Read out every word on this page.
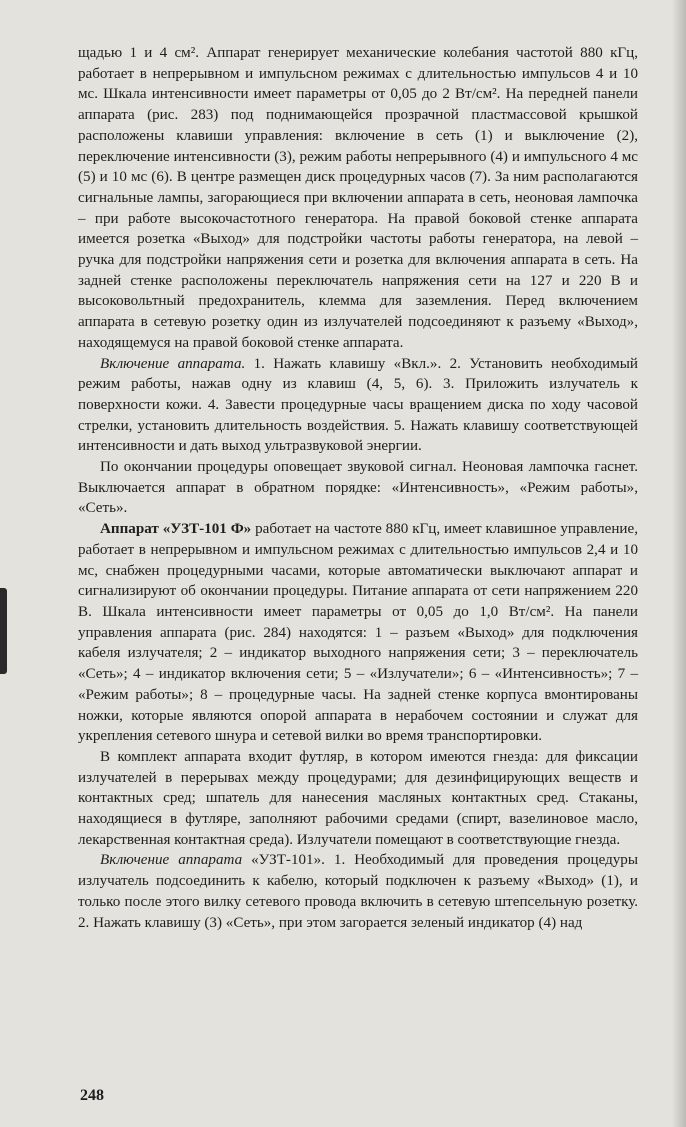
щадью 1 и 4 см². Аппарат генерирует механические колебания частотой 880 кГц, работает в непрерывном и импульсном режимах с длительностью импульсов 4 и 10 мс. Шкала интенсивности имеет параметры от 0,05 до 2 Вт/см². На передней панели аппарата (рис. 283) под поднимающейся прозрачной пластмассовой крышкой расположены клавиши управления: включение в сеть (1) и выключение (2), переключение интенсивности (3), режим работы непрерывного (4) и импульсного 4 мс (5) и 10 мс (6). В центре размещен диск процедурных часов (7). За ним располагаются сигнальные лампы, загорающиеся при включении аппарата в сеть, неоновая лампочка – при работе высокочастотного генератора. На правой боковой стенке аппарата имеется розетка «Выход» для подстройки частоты работы генератора, на левой – ручка для подстройки напряжения сети и розетка для включения аппарата в сеть. На задней стенке расположены переключатель напряжения сети на 127 и 220 В и высоковольтный предохранитель, клемма для заземления. Перед включением аппарата в сетевую розетку один из излучателей подсоединяют к разъему «Выход», находящемуся на правой боковой стенке аппарата.

Включение аппарата. 1. Нажать клавишу «Вкл.». 2. Установить необходимый режим работы, нажав одну из клавиш (4, 5, 6). 3. Приложить излучатель к поверхности кожи. 4. Завести процедурные часы вращением диска по ходу часовой стрелки, установить длительность воздействия. 5. Нажать клавишу соответствующей интенсивности и дать выход ультразвуковой энергии.

По окончании процедуры оповещает звуковой сигнал. Неоновая лампочка гаснет. Выключается аппарат в обратном порядке: «Интенсивность», «Режим работы», «Сеть».

Аппарат «УЗТ-101 Ф» работает на частоте 880 кГц, имеет клавишное управление, работает в непрерывном и импульсном режимах с длительностью импульсов 2,4 и 10 мс, снабжен процедурными часами, которые автоматически выключают аппарат и сигнализируют об окончании процедуры. Питание аппарата от сети напряжением 220 В. Шкала интенсивности имеет параметры от 0,05 до 1,0 Вт/см². На панели управления аппарата (рис. 284) находятся: 1 – разъем «Выход» для подключения кабеля излучателя; 2 – индикатор выходного напряжения сети; 3 – переключатель «Сеть»; 4 – индикатор включения сети; 5 – «Излучатели»; 6 – «Интенсивность»; 7 – «Режим работы»; 8 – процедурные часы. На задней стенке корпуса вмонтированы ножки, которые являются опорой аппарата в нерабочем состоянии и служат для укрепления сетевого шнура и сетевой вилки во время транспортировки.

В комплект аппарата входит футляр, в котором имеются гнезда: для фиксации излучателей в перерывах между процедурами; для дезинфицирующих веществ и контактных сред; шпатель для нанесения масляных контактных сред. Стаканы, находящиеся в футляре, заполняют рабочими средами (спирт, вазелиновое масло, лекарственная контактная среда). Излучатели помещают в соответствующие гнезда.

Включение аппарата «УЗТ-101». 1. Необходимый для проведения процедуры излучатель подсоединить к кабелю, который подключен к разъему «Выход» (1), и только после этого вилку сетевого провода включить в сетевую штепсельную розетку. 2. Нажать клавишу (3) «Сеть», при этом загорается зеленый индикатор (4) над

248
